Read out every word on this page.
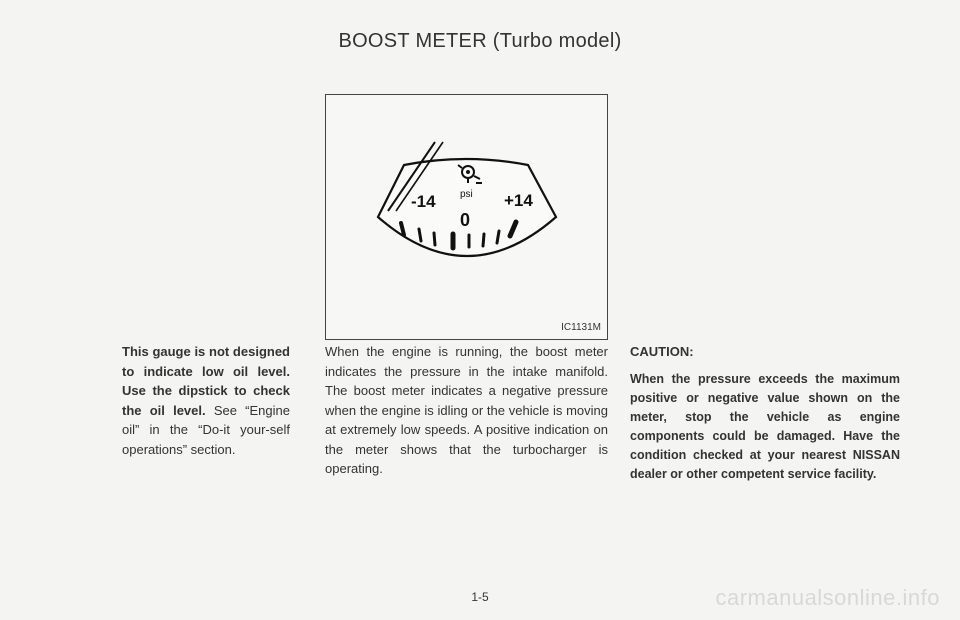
BOOST METER (Turbo model)
-14 psi +14
0
IC1131M
This gauge is not designed to indicate low oil level. Use the dipstick to check the oil level. See “Engine oil” in the “Do-it your-self operations” section.
When the engine is running, the boost meter indicates the pressure in the intake manifold. The boost meter indicates a negative pressure when the engine is idling or the vehicle is moving at extremely low speeds. A positive indication on the meter shows that the turbocharger is operating.
CAUTION:
When the pressure exceeds the maximum positive or negative value shown on the meter, stop the vehicle as engine components could be damaged. Have the condition checked at your nearest NISSAN dealer or other competent service facility.
1-5	carmanualsonline.info
